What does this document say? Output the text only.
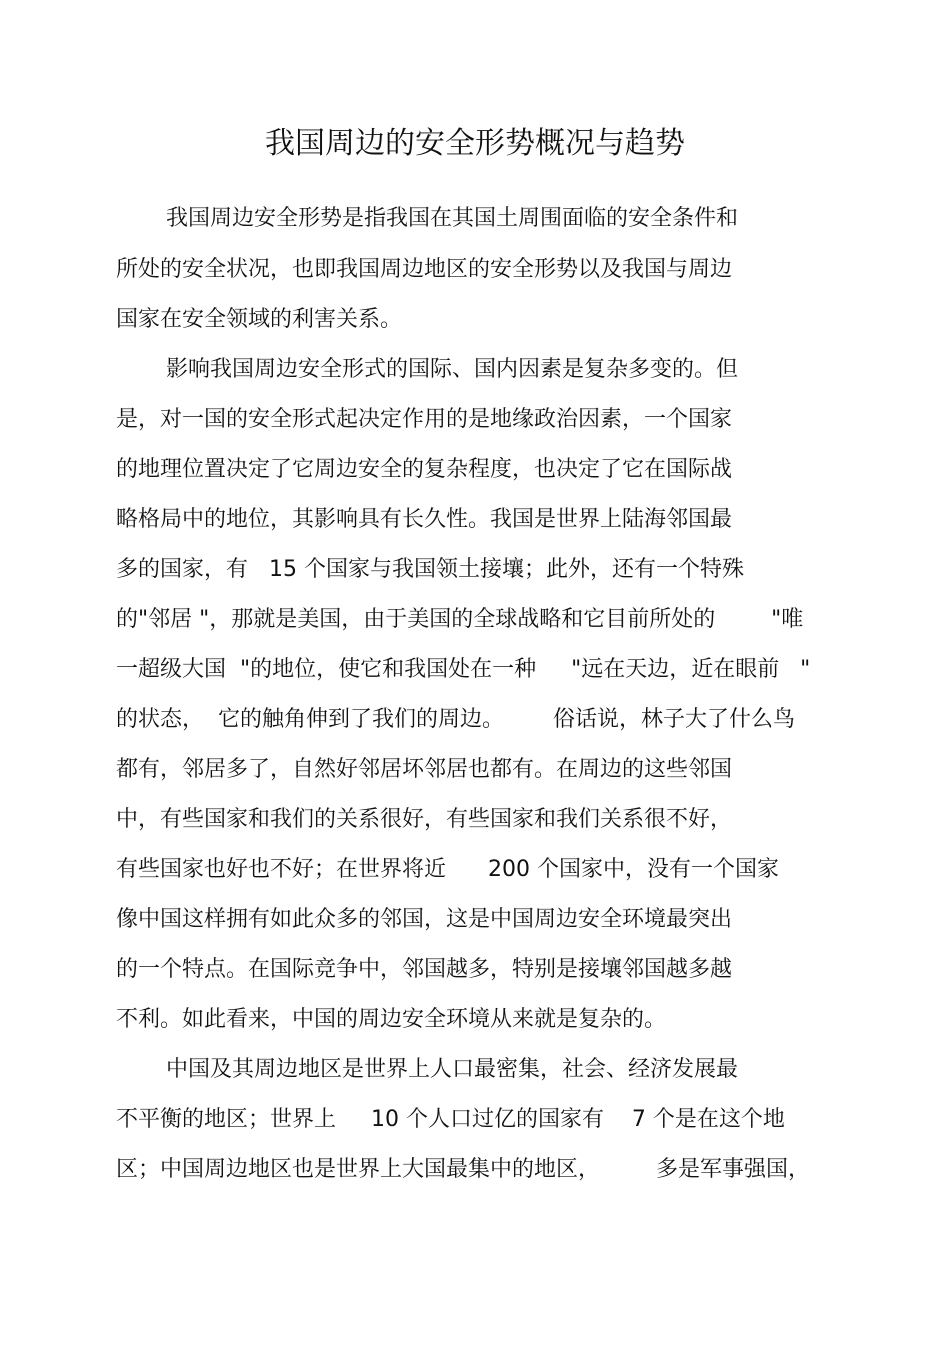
我国周边的安全形势概况与趋势
我国周边安全形势是指我国在其国土周围面临的安全条件和
所处的安全状况，也即我国周边地区的安全形势以及我国与周边
国家在安全领域的利害关系。
影响我国周边安全形式的国际、国内因素是复杂多变的。但
是，对一国的安全形式起决定作用的是地缘政治因素，一个国家
的地理位置决定了它周边安全的复杂程度，也决定了它在国际战
略格局中的地位，其影响具有长久性。我国是世界上陆海邻国最
多的国家，有   15 个国家与我国领土接壤；此外，还有一个特殊
的"邻居 "，那就是美国，由于美国的全球战略和它目前所处的        "唯
一超级大国  "的地位，使它和我国处在一种     "远在天边，近在眼前   "
的状态，  它的触角伸到了我们的周边。       俗话说，林子大了什么鸟
都有，邻居多了，自然好邻居坏邻居也都有。在周边的这些邻国
中，有些国家和我们的关系很好，有些国家和我们关系很不好，
有些国家也好也不好；在世界将近      200 个国家中，没有一个国家
像中国这样拥有如此众多的邻国，这是中国周边安全环境最突出
的一个特点。在国际竞争中，邻国越多，特别是接壤邻国越多越
不利。如此看来，中国的周边安全环境从来就是复杂的。
中国及其周边地区是世界上人口最密集，社会、经济发展最
不平衡的地区；世界上     10 个人口过亿的国家有    7 个是在这个地
区；中国周边地区也是世界上大国最集中的地区，        多是军事强国，
